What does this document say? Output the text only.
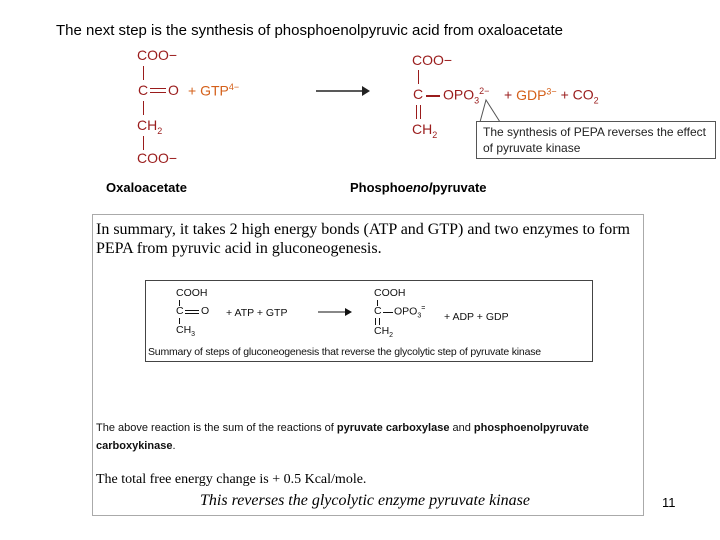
The next step is the synthesis of phosphoenolpyruvic acid from oxaloacetate
COO−
C O
$CH_2$
COO−
Oxaloacetate
+ $GTP^{4-}$
COO−
C $OPO_3^{2-}$
$CH_2$
Phosphoenolpyruvate
+ $GDP^{3-} + CO_2$
The synthesis of PEPA reverses the effect of pyruvate kinase
In summary, it takes 2 high energy bonds (ATP and GTP) and two enzymes to form PEPA from pyruvic acid in gluconeogenesis.
COOH
C O
$CH_3$
+ ATP + GTP
COOH
C $OPO_3^=$
$CH_2$
+ ADP + GDP
Summary of steps of gluconeogenesis that reverse the glycolytic step of pyruvate kinase
The above reaction is the sum of the reactions of pyruvate carboxylase and phosphoenolpyruvate carboxykinase.
The total free energy change is + 0.5 Kcal/mole.
This reverses the glycolytic enzyme pyruvate kinase	11
